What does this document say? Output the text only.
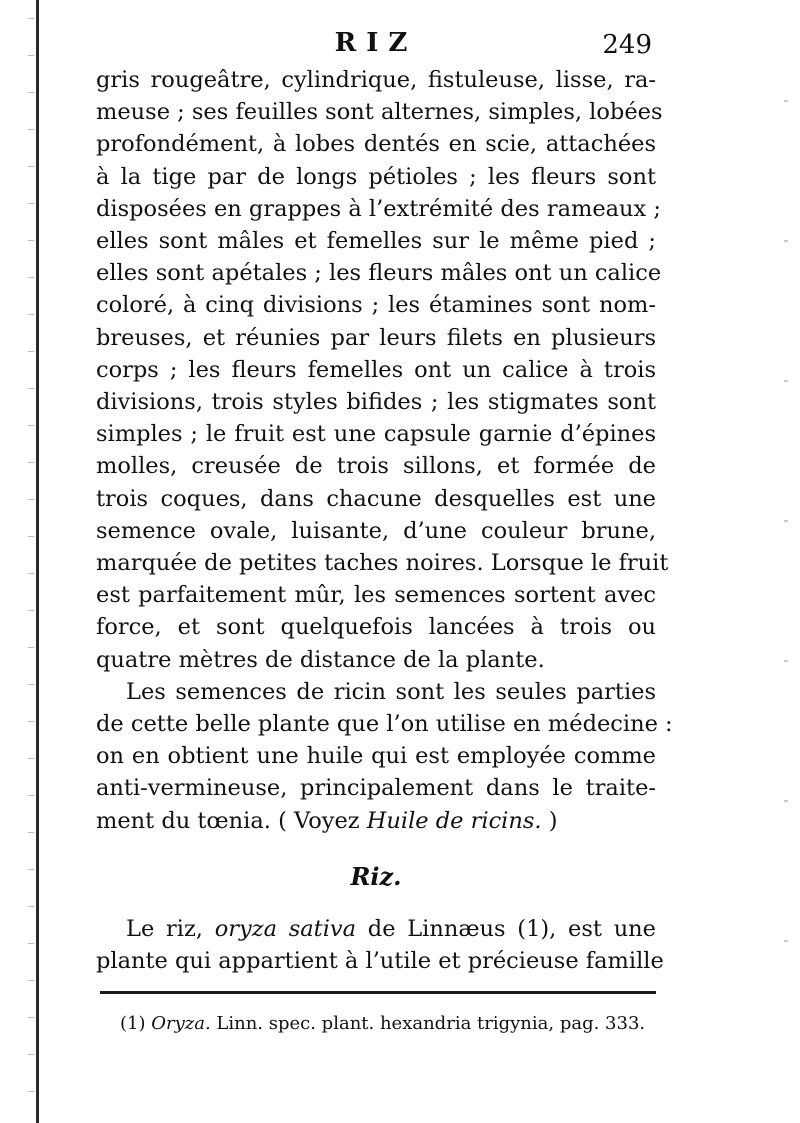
RIZ	249
gris rougeâtre, cylindrique, fistuleuse, lisse, ra-
meuse ; ses feuilles sont alternes, simples, lobées
profondément, à lobes dentés en scie, attachées
à la tige par de longs pétioles ; les fleurs sont
disposées en grappes à l’extrémité des rameaux ;
elles sont mâles et femelles sur le même pied ;
elles sont apétales ; les fleurs mâles ont un calice
coloré, à cinq divisions ; les étamines sont nom-
breuses, et réunies par leurs filets en plusieurs
corps ; les fleurs femelles ont un calice à trois
divisions, trois styles bifides ; les stigmates sont
simples ; le fruit est une capsule garnie d’épines
molles, creusée de trois sillons, et formée de
trois coques, dans chacune desquelles est une
semence ovale, luisante, d’une couleur brune,
marquée de petites taches noires. Lorsque le fruit
est parfaitement mûr, les semences sortent avec
force, et sont quelquefois lancées à trois ou
quatre mètres de distance de la plante.
Les semences de ricin sont les seules parties
de cette belle plante que l’on utilise en médecine :
on en obtient une huile qui est employée comme
anti-vermineuse, principalement dans le traite-
ment du tœnia. ( Voyez Huile de ricins. )
Riz.
Le riz, oryza sativa de Linnæus (1), est une
plante qui appartient à l’utile et précieuse famille
(1) Oryza. Linn. spec. plant. hexandria trigynia, pag. 333.
